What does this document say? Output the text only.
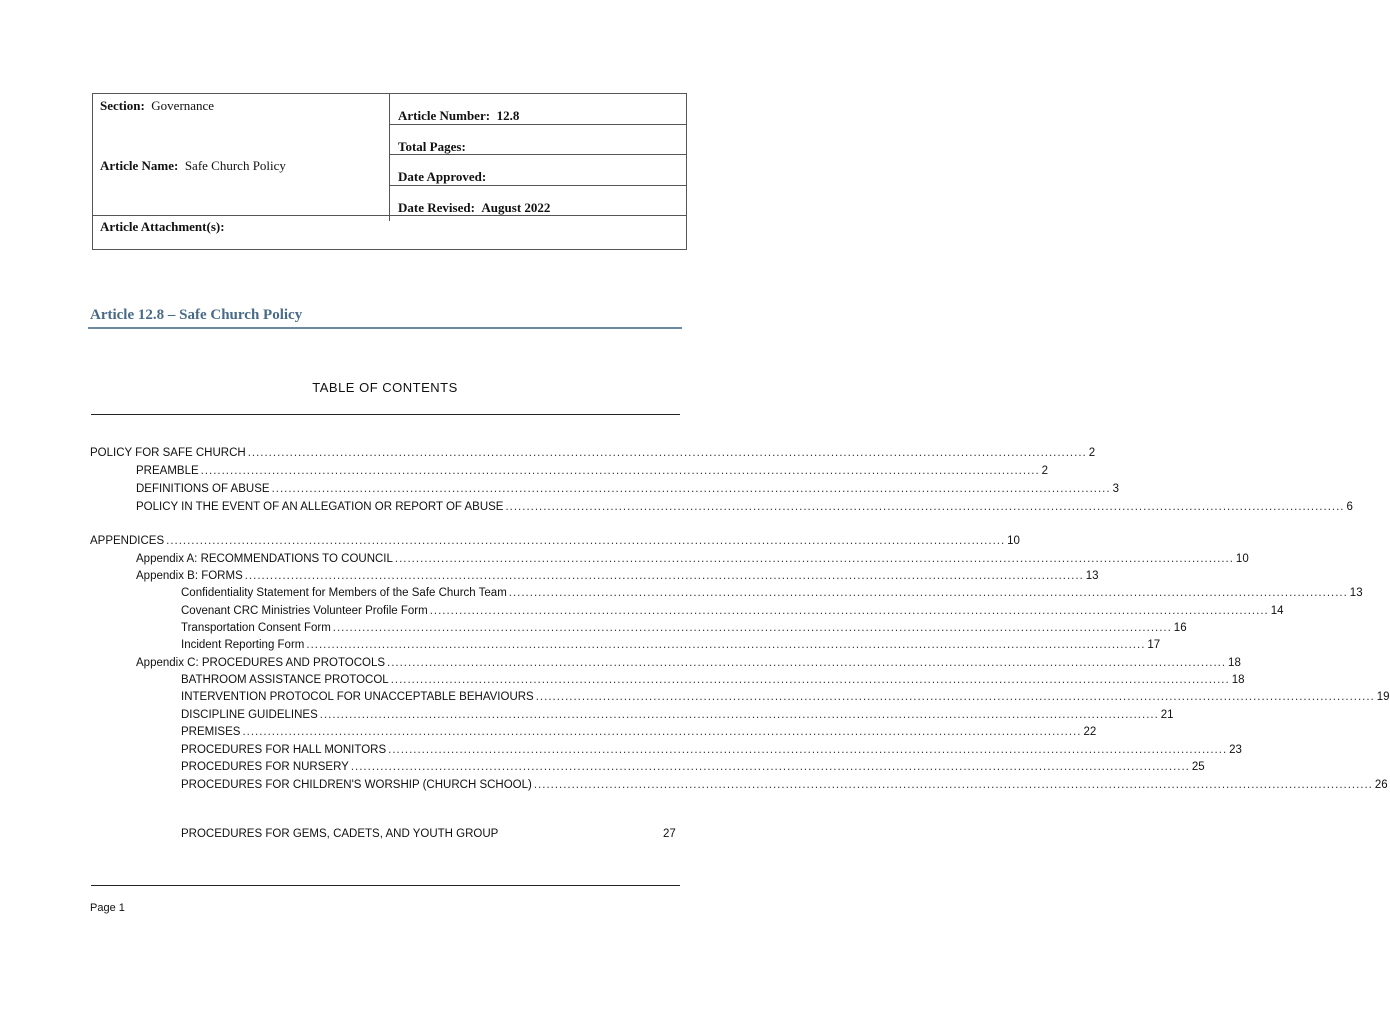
Section: Governance
Article Number: 12.8
Total Pages:
Article Name: Safe Church Policy
Date Approved:
Date Revised: August 2022
Article Attachment(s):
Article 12.8 – Safe Church Policy
TABLE OF CONTENTS
POLICY FOR SAFE CHURCH ........................................................................................................................................................................................................ 2
PREAMBLE ........................................................................................................................................................................................................ 2
DEFINITIONS OF ABUSE ........................................................................................................................................................................................................ 3
POLICY IN THE EVENT OF AN ALLEGATION OR REPORT OF ABUSE ........................................................................................................................................................................................................ 6
APPENDICES ........................................................................................................................................................................................................ 10
Appendix A: RECOMMENDATIONS TO COUNCIL ........................................................................................................................................................................................................ 10
Appendix B: FORMS ........................................................................................................................................................................................................ 13
Confidentiality Statement for Members of the Safe Church Team ........................................................................................................................................................................................................ 13
Covenant CRC Ministries Volunteer Profile Form ........................................................................................................................................................................................................ 14
Transportation Consent Form ........................................................................................................................................................................................................ 16
Incident Reporting Form ........................................................................................................................................................................................................ 17
Appendix C: PROCEDURES AND PROTOCOLS ........................................................................................................................................................................................................ 18
BATHROOM ASSISTANCE PROTOCOL ........................................................................................................................................................................................................ 18
INTERVENTION PROTOCOL FOR UNACCEPTABLE BEHAVIOURS ........................................................................................................................................................................................................ 19
DISCIPLINE GUIDELINES ........................................................................................................................................................................................................ 21
PREMISES ........................................................................................................................................................................................................ 22
PROCEDURES FOR HALL MONITORS ........................................................................................................................................................................................................ 23
PROCEDURES FOR NURSERY ........................................................................................................................................................................................................ 25
PROCEDURES FOR CHILDREN'S WORSHIP (CHURCH SCHOOL) ........................................................................................................................................................................................................ 26
PROCEDURES FOR GEMS, CADETS, AND YOUTH GROUP	27
Page 1
